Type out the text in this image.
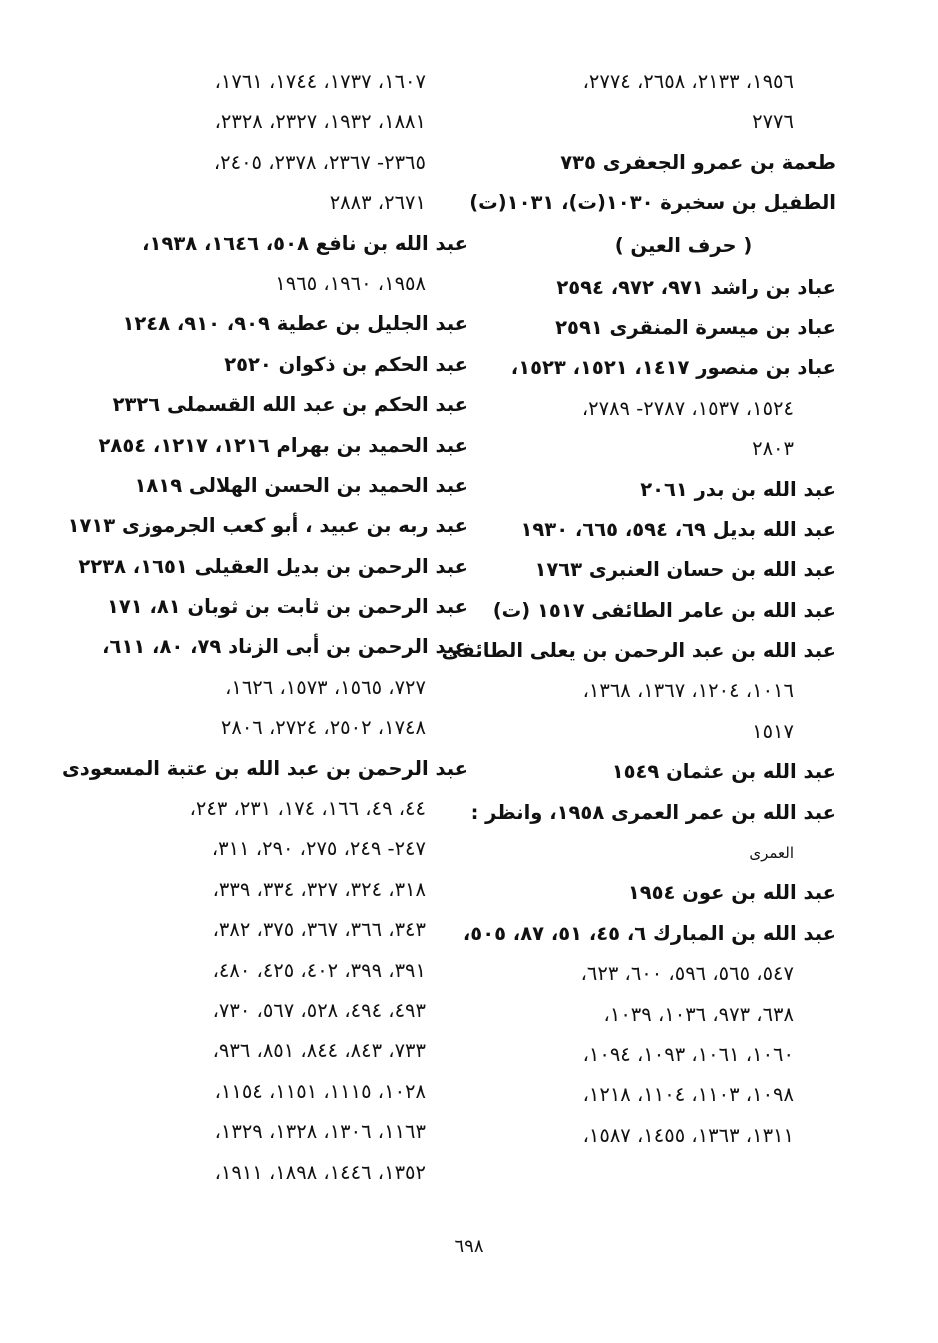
١٩٥٦، ٢١٣٣، ٢٦٥٨، ٢٧٧٤،
٢٧٧٦
طعمة بن عمرو الجعفرى ٧٣٥
الطفيل بن سخبرة ١٠٣٠(ت)، ١٠٣١(ت)
( حرف العين )
عباد بن راشد ٩٧١، ٩٧٢، ٢٥٩٤
عباد بن ميسرة المنقرى ٢٥٩١
عباد بن منصور ١٤١٧، ١٥٢١، ١٥٢٣،
١٥٢٤، ١٥٣٧، ٢٧٨٧- ٢٧٨٩،
٢٨٠٣
عبد الله بن بدر ٢٠٦١
عبد الله بديل ٦٩، ٥٩٤، ٦٦٥، ١٩٣٠
عبد الله بن حسان العنبرى ١٧٦٣
عبد الله بن عامر الطائفى ١٥١٧ (ت)
عبد الله بن عبد الرحمن بن يعلى الطائفى
١٠١٦، ١٢٠٤، ١٣٦٧، ١٣٦٨،
١٥١٧
عبد الله بن عثمان ١٥٤٩
عبد الله بن عمر العمرى ١٩٥٨، وانظر :
العمرى
عبد الله بن عون ١٩٥٤
عبد الله بن المبارك ٦، ٤٥، ٥١، ٨٧، ٥٠٥،
٥٤٧، ٥٦٥، ٥٩٦، ٦٠٠، ٦٢٣،
٦٣٨، ٩٧٣، ١٠٣٦، ١٠٣٩،
١٠٦٠، ١٠٦١، ١٠٩٣، ١٠٩٤،
١٠٩٨، ١١٠٣، ١١٠٤، ١٢١٨،
١٣١١، ١٣٦٣، ١٤٥٥، ١٥٨٧،
١٦٠٧، ١٧٣٧، ١٧٤٤، ١٧٦١،
١٨٨١، ١٩٣٢، ٢٣٢٧، ٢٣٢٨،
٢٣٦٥- ٢٣٦٧، ٢٣٧٨، ٢٤٠٥،
٢٦٧١، ٢٨٨٣
عبد الله بن نافع ٥٠٨، ١٦٤٦، ١٩٣٨،
١٩٥٨، ١٩٦٠، ١٩٦٥
عبد الجليل بن عطية ٩٠٩، ٩١٠، ١٢٤٨
عبد الحكم بن ذكوان ٢٥٢٠
عبد الحكم بن عبد الله القسملى ٢٣٢٦
عبد الحميد بن بهرام ١٢١٦، ١٢١٧، ٢٨٥٤
عبد الحميد بن الحسن الهلالى ١٨١٩
عبد ربه بن عبيد ، أبو كعب الجرموزى ١٧١٣
عبد الرحمن بن بديل العقيلى ١٦٥١، ٢٢٣٨
عبد الرحمن بن ثابت بن ثوبان ٨١، ١٧١
عبد الرحمن بن أبى الزناد ٧٩، ٨٠، ٦١١،
٧٢٧، ١٥٦٥، ١٥٧٣، ١٦٢٦،
١٧٤٨، ٢٥٠٢، ٢٧٢٤، ٢٨٠٦
عبد الرحمن بن عبد الله بن عتبة المسعودى
٤٤، ٤٩، ١٦٦، ١٧٤، ٢٣١، ٢٤٣،
٢٤٧- ٢٤٩، ٢٧٥، ٢٩٠، ٣١١،
٣١٨، ٣٢٤، ٣٢٧، ٣٣٤، ٣٣٩،
٣٤٣، ٣٦٦، ٣٦٧، ٣٧٥، ٣٨٢،
٣٩١، ٣٩٩، ٤٠٢، ٤٢٥، ٤٨٠،
٤٩٣، ٤٩٤، ٥٢٨، ٥٦٧، ٧٣٠،
٧٣٣، ٨٤٣، ٨٤٤، ٨٥١، ٩٣٦،
١٠٢٨، ١١١٥، ١١٥١، ١١٥٤،
١١٦٣، ١٣٠٦، ١٣٢٨، ١٣٢٩،
١٣٥٢، ١٤٤٦، ١٨٩٨، ١٩١١،
٦٩٨
